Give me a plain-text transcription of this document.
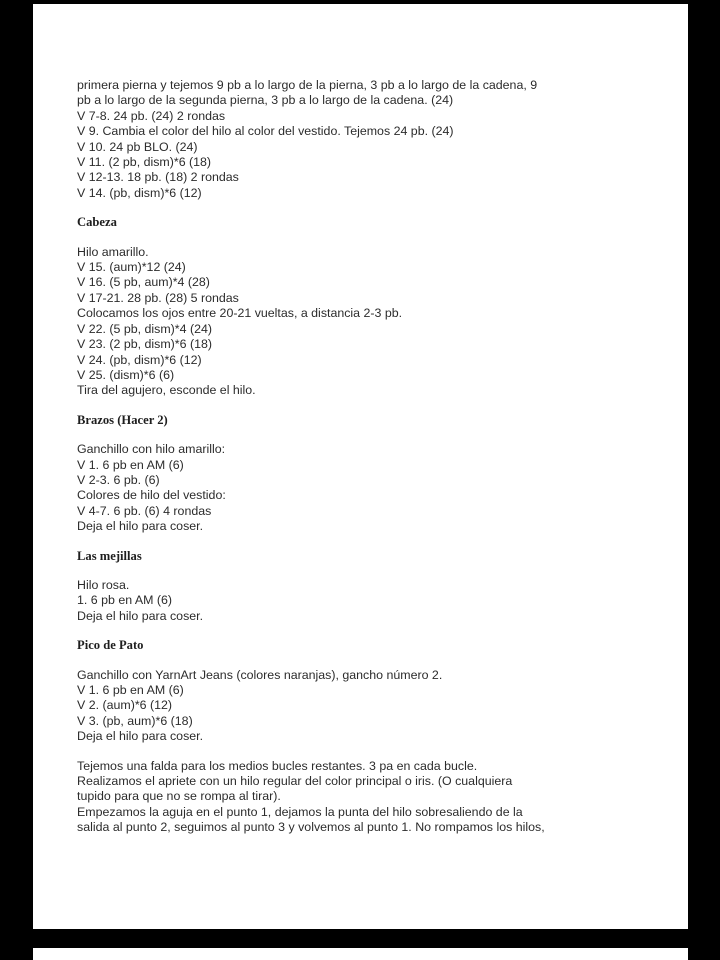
primera pierna y tejemos 9 pb a lo largo de la pierna, 3 pb a lo largo de la cadena, 9
pb a lo largo de la segunda pierna, 3 pb a lo largo de la cadena. (24)
V 7-8. 24 pb. (24) 2 rondas
V 9. Cambia el color del hilo al color del vestido. Tejemos 24 pb. (24)
V 10. 24 pb BLO. (24)
V 11. (2 pb, dism)*6 (18)
V 12-13. 18 pb. (18) 2 rondas
V 14. (pb, dism)*6 (12)
Cabeza
Hilo amarillo.
V 15. (aum)*12 (24)
V 16. (5 pb, aum)*4 (28)
V 17-21. 28 pb. (28) 5 rondas
Colocamos los ojos entre 20-21 vueltas, a distancia 2-3 pb.
V 22. (5 pb, dism)*4 (24)
V 23. (2 pb, dism)*6 (18)
V 24. (pb, dism)*6 (12)
V 25. (dism)*6 (6)
Tira del agujero, esconde el hilo.
Brazos (Hacer 2)
Ganchillo con hilo amarillo:
V 1. 6 pb en AM (6)
V 2-3. 6 pb. (6)
Colores de hilo del vestido:
V 4-7. 6 pb. (6) 4 rondas
Deja el hilo para coser.
Las mejillas
Hilo rosa.
1. 6 pb en AM (6)
Deja el hilo para coser.
Pico de Pato
Ganchillo con YarnArt Jeans (colores naranjas), gancho número 2.
V 1. 6 pb en AM (6)
V 2. (aum)*6 (12)
V 3. (pb, aum)*6 (18)
Deja el hilo para coser.
Tejemos una falda para los medios bucles restantes. 3 pa en cada bucle.
Realizamos el apriete con un hilo regular del color principal o iris. (O cualquiera
tupido para que no se rompa al tirar).
Empezamos la aguja en el punto 1, dejamos la punta del hilo sobresaliendo de la
salida al punto 2, seguimos al punto 3 y volvemos al punto 1. No rompamos los hilos,
